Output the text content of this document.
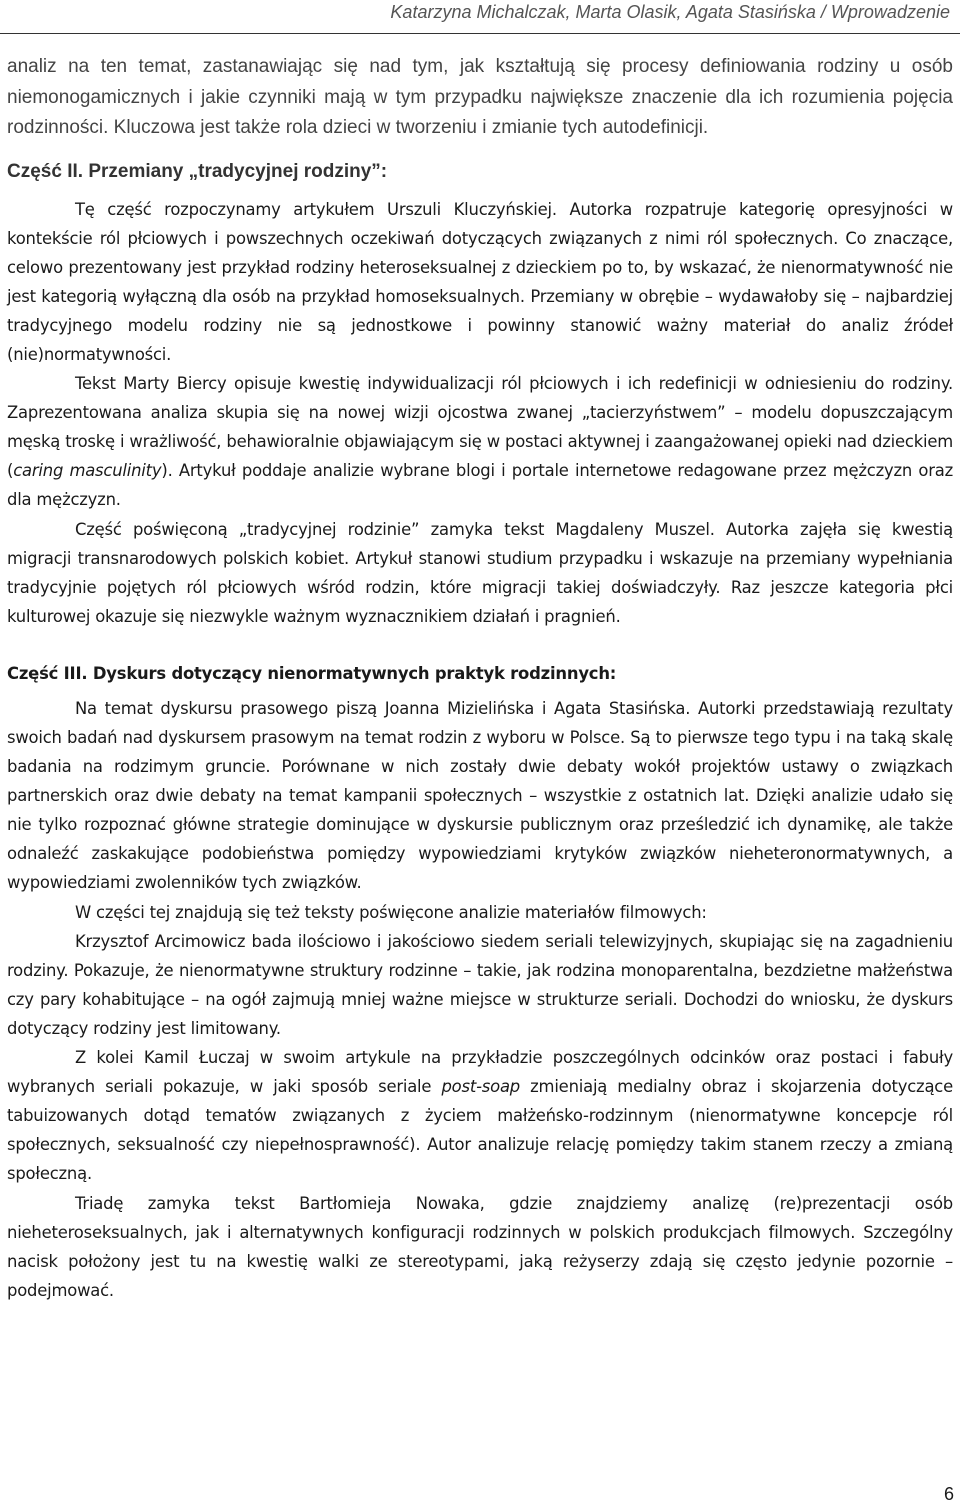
Katarzyna Michalczak, Marta Olasik, Agata Stasińska / Wprowadzenie

analiz na ten temat, zastanawiając się nad tym, jak kształtują się procesy definiowania rodziny u osób niemonogamicznych i jakie czynniki mają w tym przypadku największe znaczenie dla ich rozumienia pojęcia rodzinności. Kluczowa jest także rola dzieci w tworzeniu i zmianie tych autodefinicji.

Część II. Przemiany „tradycyjnej rodziny”:

Tę część rozpoczynamy artykułem Urszuli Kluczyńskiej. Autorka rozpatruje kategorię opresyjności w kontekście ról płciowych i powszechnych oczekiwań dotyczących związanych z nimi ról społecznych. Co znaczące, celowo prezentowany jest przykład rodziny heteroseksualnej z dzieckiem po to, by wskazać, że nienormatywność nie jest kategorią wyłączną dla osób na przykład homoseksualnych. Przemiany w obrębie – wydawałoby się – najbardziej tradycyjnego modelu rodziny nie są jednostkowe i powinny stanowić ważny materiał do analiz źródeł (nie)normatywności.

Tekst Marty Biercy opisuje kwestię indywidualizacji ról płciowych i ich redefinicji w odniesieniu do rodziny. Zaprezentowana analiza skupia się na nowej wizji ojcostwa zwanej „tacierzyństwem” – modelu dopuszczającym męską troskę i wrażliwość, behawioralnie objawiającym się w postaci aktywnej i zaangażowanej opieki nad dzieckiem (caring masculinity). Artykuł poddaje analizie wybrane blogi i portale internetowe redagowane przez mężczyzn oraz dla mężczyzn.

Część poświęconą „tradycyjnej rodzinie” zamyka tekst Magdaleny Muszel. Autorka zajęła się kwestią migracji transnarodowych polskich kobiet. Artykuł stanowi studium przypadku i wskazuje na przemiany wypełniania tradycyjnie pojętych ról płciowych wśród rodzin, które migracji takiej doświadczyły. Raz jeszcze kategoria płci kulturowej okazuje się niezwykle ważnym wyznacznikiem działań i pragnień.

Część III. Dyskurs dotyczący nienormatywnych praktyk rodzinnych:

Na temat dyskursu prasowego piszą Joanna Mizielińska i Agata Stasińska. Autorki przedstawiają rezultaty swoich badań nad dyskursem prasowym na temat rodzin z wyboru w Polsce. Są to pierwsze tego typu i na taką skalę badania na rodzimym gruncie. Porównane w nich zostały dwie debaty wokół projektów ustawy o związkach partnerskich oraz dwie debaty na temat kampanii społecznych – wszystkie z ostatnich lat. Dzięki analizie udało się nie tylko rozpoznać główne strategie dominujące w dyskursie publicznym oraz prześledzić ich dynamikę, ale także odnaleźć zaskakujące podobieństwa pomiędzy wypowiedziami krytyków związków nieheteronormatywnych, a wypowiedziami zwolenników tych związków.

W części tej znajdują się też teksty poświęcone analizie materiałów filmowych:

Krzysztof Arcimowicz bada ilościowo i jakościowo siedem seriali telewizyjnych, skupiając się na zagadnieniu rodziny. Pokazuje, że nienormatywne struktury rodzinne – takie, jak rodzina monoparentalna, bezdzietne małżeństwa czy pary kohabitujące – na ogół zajmują mniej ważne miejsce w strukturze seriali. Dochodzi do wniosku, że dyskurs dotyczący rodziny jest limitowany.

Z kolei Kamil Łuczaj w swoim artykule na przykładzie poszczególnych odcinków oraz postaci i fabuły wybranych seriali pokazuje, w jaki sposób seriale post-soap zmieniają medialny obraz i skojarzenia dotyczące tabuizowanych dotąd tematów związanych z życiem małżeńsko-rodzinnym (nienormatywne koncepcje ról społecznych, seksualność czy niepełnosprawność). Autor analizuje relację pomiędzy takim stanem rzeczy a zmianą społeczną.

Triadę zamyka tekst Bartłomieja Nowaka, gdzie znajdziemy analizę (re)prezentacji osób nieheteroseksualnych, jak i alternatywnych konfiguracji rodzinnych w polskich produkcjach filmowych. Szczególny nacisk położony jest tu na kwestię walki ze stereotypami, jaką reżyserzy zdają się często jedynie pozornie – podejmować.

6
